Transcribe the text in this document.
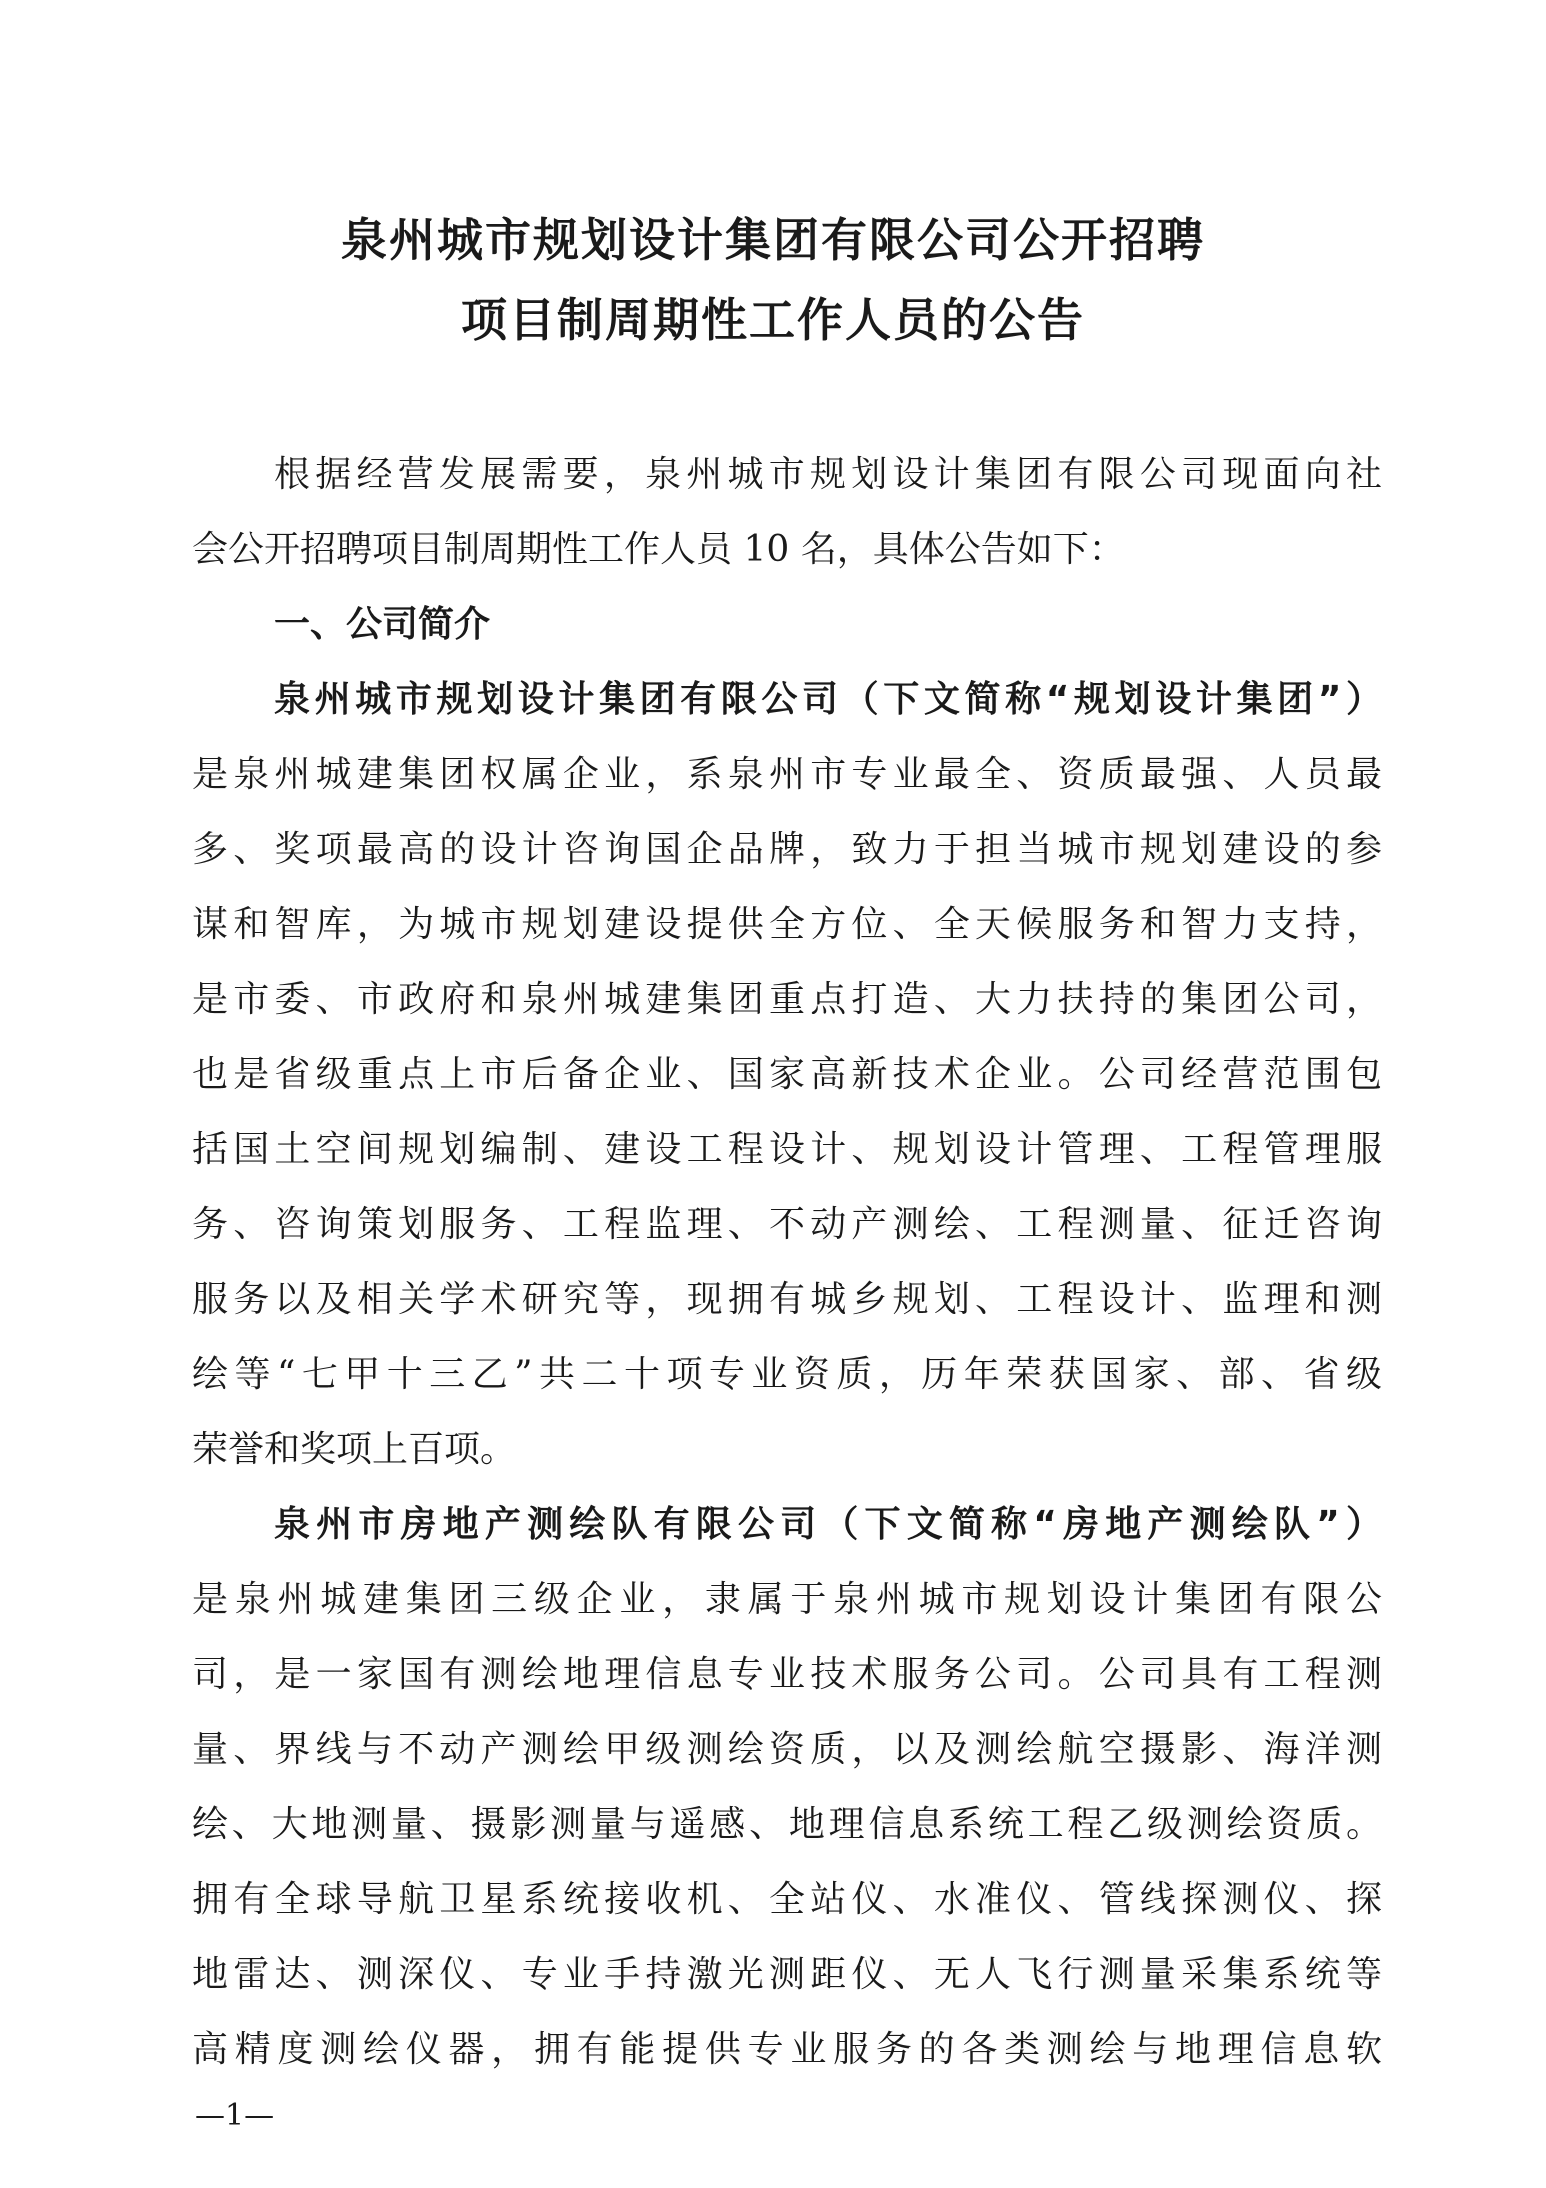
泉州城市规划设计集团有限公司公开招聘
项目制周期性工作人员的公告
根据经营发展需要，泉州城市规划设计集团有限公司现面向社
会公开招聘项目制周期性工作人员 10 名，具体公告如下：
一、公司简介
泉州城市规划设计集团有限公司（下文简称“规划设计集团”）
是泉州城建集团权属企业，系泉州市专业最全、资质最强、人员最
多、奖项最高的设计咨询国企品牌，致力于担当城市规划建设的参
谋和智库，为城市规划建设提供全方位、全天候服务和智力支持，
是市委、市政府和泉州城建集团重点打造、大力扶持的集团公司，
也是省级重点上市后备企业、国家高新技术企业。公司经营范围包
括国土空间规划编制、建设工程设计、规划设计管理、工程管理服
务、咨询策划服务、工程监理、不动产测绘、工程测量、征迁咨询
服务以及相关学术研究等，现拥有城乡规划、工程设计、监理和测
绘等“七甲十三乙”共二十项专业资质，历年荣获国家、部、省级
荣誉和奖项上百项。
泉州市房地产测绘队有限公司（下文简称“房地产测绘队”）
是泉州城建集团三级企业，隶属于泉州城市规划设计集团有限公
司，是一家国有测绘地理信息专业技术服务公司。公司具有工程测
量、界线与不动产测绘甲级测绘资质，以及测绘航空摄影、海洋测
绘、大地测量、摄影测量与遥感、地理信息系统工程乙级测绘资质。
拥有全球导航卫星系统接收机、全站仪、水准仪、管线探测仪、探
地雷达、测深仪、专业手持激光测距仪、无人飞行测量采集系统等
—1—
高精度测绘仪器，拥有能提供专业服务的各类测绘与地理信息软
